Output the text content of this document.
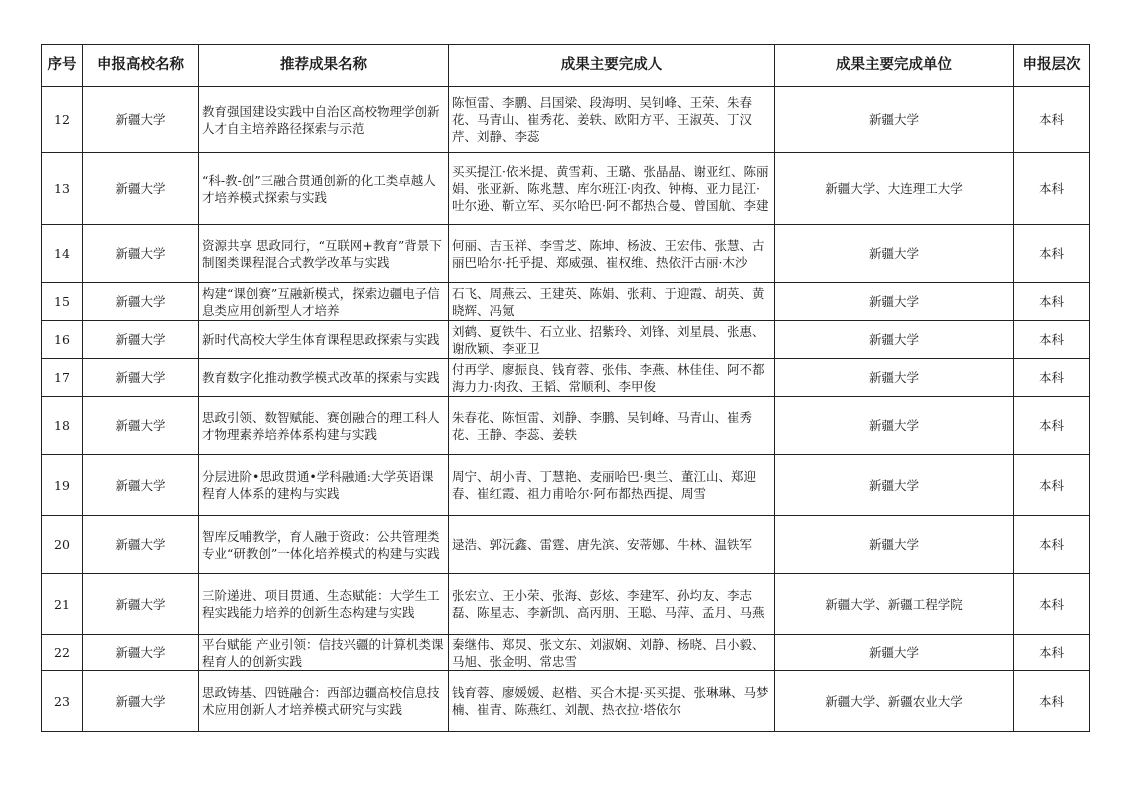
序号	申报高校名称	推荐成果名称	成果主要完成人	成果主要完成单位	申报层次
12	新疆大学	教育强国建设实践中自治区高校物理学创新人才自主培养路径探索与示范	陈恒雷、李鹏、吕国梁、段海明、吴钊峰、王荣、朱春花、马青山、崔秀花、姜轶、欧阳方平、王淑英、丁汉芹、刘静、李蕊	新疆大学	本科
13	新疆大学	“科-教-创”三融合贯通创新的化工类卓越人才培养模式探索与实践	买买提江·依米提、黄雪莉、王璐、张晶晶、谢亚红、陈丽娟、张亚新、陈兆慧、库尔班江·肉孜、钟梅、亚力昆江·吐尔逊、靳立军、买尔哈巴·阿不都热合曼、曾国航、李建	新疆大学、大连理工大学	本科
14	新疆大学	资源共享 思政同行，“互联网+教育”背景下制图类课程混合式教学改革与实践	何丽、吉玉祥、李雪芝、陈坤、杨波、王宏伟、张慧、古丽巴哈尔·托乎提、郑威强、崔权维、热依汗古丽·木沙	新疆大学	本科
15	新疆大学	构建“课创赛”互融新模式，探索边疆电子信息类应用创新型人才培养	石飞、周燕云、王建英、陈娟、张莉、于迎霞、胡英、黄晓辉、冯氪	新疆大学	本科
16	新疆大学	新时代高校大学生体育课程思政探索与实践	刘鹤、夏铁牛、石立业、招紫玲、刘锋、刘星晨、张惠、谢欣颖、李亚卫	新疆大学	本科
17	新疆大学	教育数字化推动教学模式改革的探索与实践	付再学、廖振良、钱育蓉、张伟、李燕、林佳佳、阿不都海力力·肉孜、王韬、常顺利、李甲俊	新疆大学	本科
18	新疆大学	思政引领、数智赋能、赛创融合的理工科人才物理素养培养体系构建与实践	朱春花、陈恒雷、刘静、李鹏、吴钊峰、马青山、崔秀花、王静、李蕊、姜轶	新疆大学	本科
19	新疆大学	分层进阶•思政贯通•学科融通:大学英语课程育人体系的建构与实践	周宁、胡小青、丁慧艳、麦丽哈巴·奥兰、董江山、郑迎春、崔红霞、祖力甫哈尔·阿布都热西提、周雪	新疆大学	本科
20	新疆大学	智库反哺教学，育人融于资政：公共管理类专业“研教创”一体化培养模式的构建与实践	逯浩、郭沅鑫、雷霆、唐先滨、安蒂娜、牛林、温铁军	新疆大学	本科
21	新疆大学	三阶递进、项目贯通、生态赋能：大学生工程实践能力培养的创新生态构建与实践	张宏立、王小荣、张海、彭炫、李建军、孙均友、李志磊、陈星志、李新凯、高丙朋、王聪、马萍、孟月、马燕	新疆大学、新疆工程学院	本科
22	新疆大学	平台赋能 产业引领：信技兴疆的计算机类课程育人的创新实践	秦继伟、郑炅、张文东、刘淑娴、刘静、杨晓、吕小毅、马旭、张金明、常忠雪	新疆大学	本科
23	新疆大学	思政铸基、四链融合：西部边疆高校信息技术应用创新人才培养模式研究与实践	钱育蓉、廖媛媛、赵楷、买合木提·买买提、张琳琳、马梦楠、崔青、陈燕红、刘靓、热衣拉·塔依尔	新疆大学、新疆农业大学	本科
